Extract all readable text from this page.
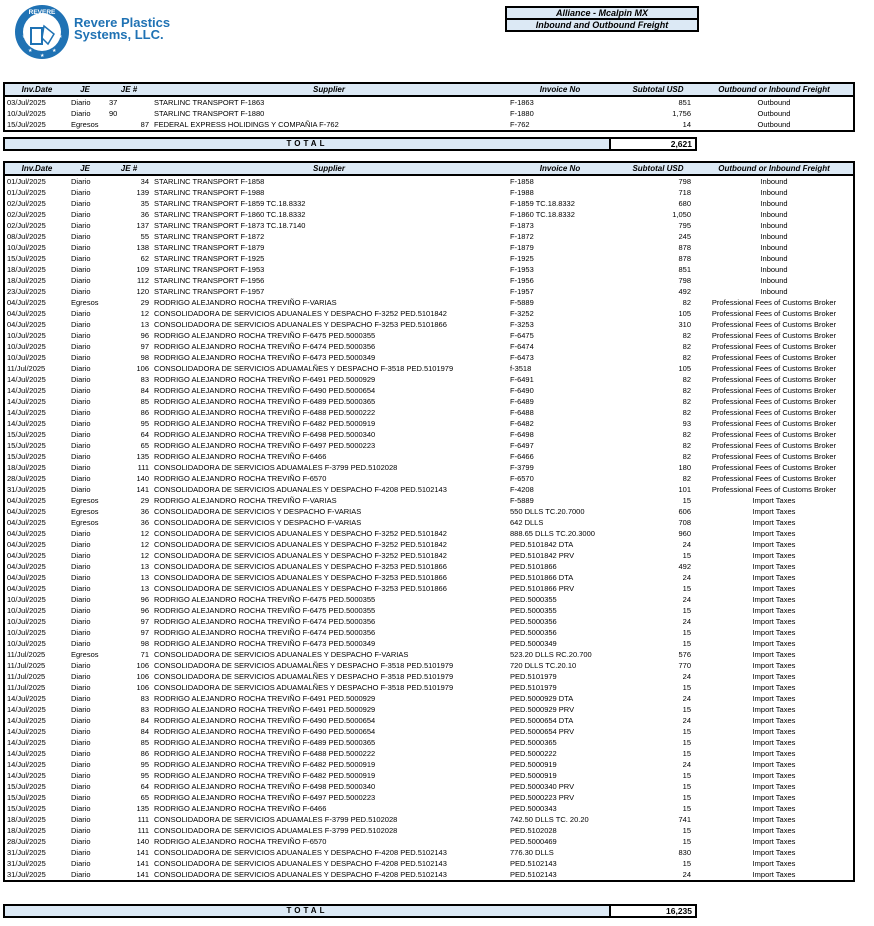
REVERE
★	★
★
★
★
Revere Plastics
Systems, LLC.
Alliance - Mcalpin MX
Inbound and Outbound Freight
Inv.Date	JE	JE #	Supplier	Invoice No	Subtotal USD	Outbound or Inbound Freight
03/Jul/2025	Diario	37	STARLINC TRANSPORT F-1863	F-1863	851	Outbound
10/Jul/2025	Diario	90	STARLINC TRANSPORT F-1880	F-1880	1,756	Outbound
15/Jul/2025	Egresos	87 FEDERAL EXPRESS HOLIDINGS Y COMPAÑIA F-762	F-762	14	Outbound
TOTAL	2,621
Inv.Date	JE	JE #	Supplier	Invoice No	Subtotal USD	Outbound or Inbound Freight
01/Jul/2025	Diario	34 STARLINC TRANSPORT F-1858	F-1858	798	Inbound
01/Jul/2025	Diario	139 STARLINC TRANSPORT F-1988	F-1988	718	Inbound
02/Jul/2025	Diario	35 STARLINC TRANSPORT F-1859 TC.18.8332	F-1859 TC.18.8332	680	Inbound
02/Jul/2025	Diario	36 STARLINC TRANSPORT F-1860 TC.18.8332	F-1860 TC.18.8332	1,050	Inbound
02/Jul/2025	Diario	137 STARLINC TRANSPORT F-1873 TC.18.7140	F-1873	795	Inbound
08/Jul/2025	Diario	55 STARLINC TRANSPORT F-1872	F-1872	245	Inbound
10/Jul/2025	Diario	138 STARLINC TRANSPORT F-1879	F-1879	878	Inbound
15/Jul/2025	Diario	62 STARLINC TRANSPORT F-1925	F-1925	878	Inbound
18/Jul/2025	Diario	109 STARLINC TRANSPORT F-1953	F-1953	851	Inbound
18/Jul/2025	Diario	112 STARLINC TRANSPORT F-1956	F-1956	798	Inbound
23/Jul/2025	Diario	120 STARLINC TRANSPORT F-1957	F-1957	492	Inbound
04/Jul/2025	Egresos	29 RODRIGO ALEJANDRO ROCHA TREVIÑO F-VARIAS	F-5889	82	Professional Fees of Customs Broker
04/Jul/2025	Diario	12 CONSOLIDADORA DE SERVICIOS ADUANALES Y DESPACHO F-3252 PED.5101842	F-3252	105	Professional Fees of Customs Broker
04/Jul/2025	Diario	13 CONSOLIDADORA DE SERVICIOS ADUANALES Y DESPACHO F-3253 PED.5101866	F-3253	310	Professional Fees of Customs Broker
10/Jul/2025	Diario	96 RODRIGO ALEJANDRO ROCHA TREVIÑO F-6475 PED.5000355	F-6475	82	Professional Fees of Customs Broker
10/Jul/2025	Diario	97 RODRIGO ALEJANDRO ROCHA TREVIÑO F-6474 PED.5000356	F-6474	82	Professional Fees of Customs Broker
10/Jul/2025	Diario	98 RODRIGO ALEJANDRO ROCHA TREVIÑO F-6473 PED.5000349	F-6473	82	Professional Fees of Customs Broker
11/Jul/2025	Diario	106 CONSOLIDADORA DE SERVICIOS ADUAMALÑES Y DESPACHO F-3518 PED.5101979	f-3518	105	Professional Fees of Customs Broker
14/Jul/2025	Diario	83 RODRIGO ALEJANDRO ROCHA TREVIÑO F-6491 PED.5000929	F-6491	82	Professional Fees of Customs Broker
14/Jul/2025	Diario	84 RODRIGO ALEJANDRO ROCHA TREVIÑO F-6490 PED.5000654	F-6490	82	Professional Fees of Customs Broker
14/Jul/2025	Diario	85 RODRIGO ALEJANDRO ROCHA TREVIÑO F-6489 PED.5000365	F-6489	82	Professional Fees of Customs Broker
14/Jul/2025	Diario	86 RODRIGO ALEJANDRO ROCHA TREVIÑO F-6488 PED.5000222	F-6488	82	Professional Fees of Customs Broker
14/Jul/2025	Diario	95 RODRIGO ALEJANDRO ROCHA TREVIÑO F-6482 PED.5000919	F-6482	93	Professional Fees of Customs Broker
15/Jul/2025	Diario	64 RODRIGO ALEJANDRO ROCHA TREVIÑO F-6498 PED.5000340	F-6498	82	Professional Fees of Customs Broker
15/Jul/2025	Diario	65 RODRIGO ALEJANDRO ROCHA TREVIÑO F-6497 PED.5000223	F-6497	82	Professional Fees of Customs Broker
15/Jul/2025	Diario	135 RODRIGO ALEJANDRO ROCHA TREVIÑO F-6466	F-6466	82	Professional Fees of Customs Broker
18/Jul/2025	Diario	111 CONSOLIDADORA DE SERVICIOS ADUAMALES F-3799 PED.5102028	F-3799	180	Professional Fees of Customs Broker
28/Jul/2025	Diario	140 RODRIGO ALEJANDRO ROCHA TREVIÑO F-6570	F-6570	82	Professional Fees of Customs Broker
31/Jul/2025	Diario	141 CONSOLIDADORA DE SERVICIOS ADUANALES Y DESPACHO F-4208 PED.5102143	F-4208	101	Professional Fees of Customs Broker
04/Jul/2025	Egresos	29 RODRIGO ALEJANDRO ROCHA TREVIÑO F-VARIAS	F-5889	15	Import Taxes
04/Jul/2025	Egresos	36 CONSOLIDADORA DE SERVICIOS Y DESPACHO F-VARIAS	550 DLLS TC.20.7000	606	Import Taxes
04/Jul/2025	Egresos	36 CONSOLIDADORA DE SERVICIOS Y DESPACHO F-VARIAS	642 DLLS	708	Import Taxes
04/Jul/2025	Diario	12 CONSOLIDADORA DE SERVICIOS ADUANALES Y DESPACHO F-3252 PED.5101842	888.65 DLLS TC.20.3000	960	Import Taxes
04/Jul/2025	Diario	12 CONSOLIDADORA DE SERVICIOS ADUANALES Y DESPACHO F-3252 PED.5101842	PED.5101842 DTA	24	Import Taxes
04/Jul/2025	Diario	12 CONSOLIDADORA DE SERVICIOS ADUANALES Y DESPACHO F-3252 PED.5101842	PED.5101842 PRV	15	Import Taxes
04/Jul/2025	Diario	13 CONSOLIDADORA DE SERVICIOS ADUANALES Y DESPACHO F-3253 PED.5101866	PED.5101866	492	Import Taxes
04/Jul/2025	Diario	13 CONSOLIDADORA DE SERVICIOS ADUANALES Y DESPACHO F-3253 PED.5101866	PED.5101866 DTA	24	Import Taxes
04/Jul/2025	Diario	13 CONSOLIDADORA DE SERVICIOS ADUANALES Y DESPACHO F-3253 PED.5101866	PED.5101866 PRV	15	Import Taxes
10/Jul/2025	Diario	96 RODRIGO ALEJANDRO ROCHA TREVIÑO F-6475 PED.5000355	PED.5000355	24	Import Taxes
10/Jul/2025	Diario	96 RODRIGO ALEJANDRO ROCHA TREVIÑO F-6475 PED.5000355	PED.5000355	15	Import Taxes
10/Jul/2025	Diario	97 RODRIGO ALEJANDRO ROCHA TREVIÑO F-6474 PED.5000356	PED.5000356	24	Import Taxes
10/Jul/2025	Diario	97 RODRIGO ALEJANDRO ROCHA TREVIÑO F-6474 PED.5000356	PED.5000356	15	Import Taxes
10/Jul/2025	Diario	98 RODRIGO ALEJANDRO ROCHA TREVIÑO F-6473 PED.5000349	PED.5000349	15	Import Taxes
11/Jul/2025	Egresos	71 CONSOLIDADORA DE SERVICIOS ADUANALES Y DESPACHO F-VARIAS	523.20 DLLS RC.20.700	576	Import Taxes
11/Jul/2025	Diario	106 CONSOLIDADORA DE SERVICIOS ADUAMALÑES Y DESPACHO F-3518 PED.5101979	720 DLLS TC.20.10	770	Import Taxes
11/Jul/2025	Diario	106 CONSOLIDADORA DE SERVICIOS ADUAMALÑES Y DESPACHO F-3518 PED.5101979	PED.5101979	24	Import Taxes
11/Jul/2025	Diario	106 CONSOLIDADORA DE SERVICIOS ADUAMALÑES Y DESPACHO F-3518 PED.5101979	PED.5101979	15	Import Taxes
14/Jul/2025	Diario	83 RODRIGO ALEJANDRO ROCHA TREVIÑO F-6491 PED.5000929	PED.5000929 DTA	24	Import Taxes
14/Jul/2025	Diario	83 RODRIGO ALEJANDRO ROCHA TREVIÑO F-6491 PED.5000929	PED.5000929 PRV	15	Import Taxes
14/Jul/2025	Diario	84 RODRIGO ALEJANDRO ROCHA TREVIÑO F-6490 PED.5000654	PED.5000654 DTA	24	Import Taxes
14/Jul/2025	Diario	84 RODRIGO ALEJANDRO ROCHA TREVIÑO F-6490 PED.5000654	PED.5000654 PRV	15	Import Taxes
14/Jul/2025	Diario	85 RODRIGO ALEJANDRO ROCHA TREVIÑO F-6489 PED.5000365	PED.5000365	15	Import Taxes
14/Jul/2025	Diario	86 RODRIGO ALEJANDRO ROCHA TREVIÑO F-6488 PED.5000222	PED.5000222	15	Import Taxes
14/Jul/2025	Diario	95 RODRIGO ALEJANDRO ROCHA TREVIÑO F-6482 PED.5000919	PED.5000919	24	Import Taxes
14/Jul/2025	Diario	95 RODRIGO ALEJANDRO ROCHA TREVIÑO F-6482 PED.5000919	PED.5000919	15	Import Taxes
15/Jul/2025	Diario	64 RODRIGO ALEJANDRO ROCHA TREVIÑO F-6498 PED.5000340	PED.5000340 PRV	15	Import Taxes
15/Jul/2025	Diario	65 RODRIGO ALEJANDRO ROCHA TREVIÑO F-6497 PED.5000223	PED.5000223 PRV	15	Import Taxes
15/Jul/2025	Diario	135 RODRIGO ALEJANDRO ROCHA TREVIÑO F-6466	PED.5000343	15	Import Taxes
18/Jul/2025	Diario	111 CONSOLIDADORA DE SERVICIOS ADUAMALES F-3799 PED.5102028	742.50 DLLS TC. 20.20	741	Import Taxes
18/Jul/2025	Diario	111 CONSOLIDADORA DE SERVICIOS ADUAMALES F-3799 PED.5102028	PED.5102028	15	Import Taxes
28/Jul/2025	Diario	140 RODRIGO ALEJANDRO ROCHA TREVIÑO F-6570	PED.5000469	15	Import Taxes
31/Jul/2025	Diario	141 CONSOLIDADORA DE SERVICIOS ADUANALES Y DESPACHO F-4208 PED.5102143	776.30 DLLS	830	Import Taxes
31/Jul/2025	Diario	141 CONSOLIDADORA DE SERVICIOS ADUANALES Y DESPACHO F-4208 PED.5102143	PED.5102143	15	Import Taxes
31/Jul/2025	Diario	141 CONSOLIDADORA DE SERVICIOS ADUANALES Y DESPACHO F-4208 PED.5102143	PED.5102143	24	Import Taxes
TOTAL	16,235
